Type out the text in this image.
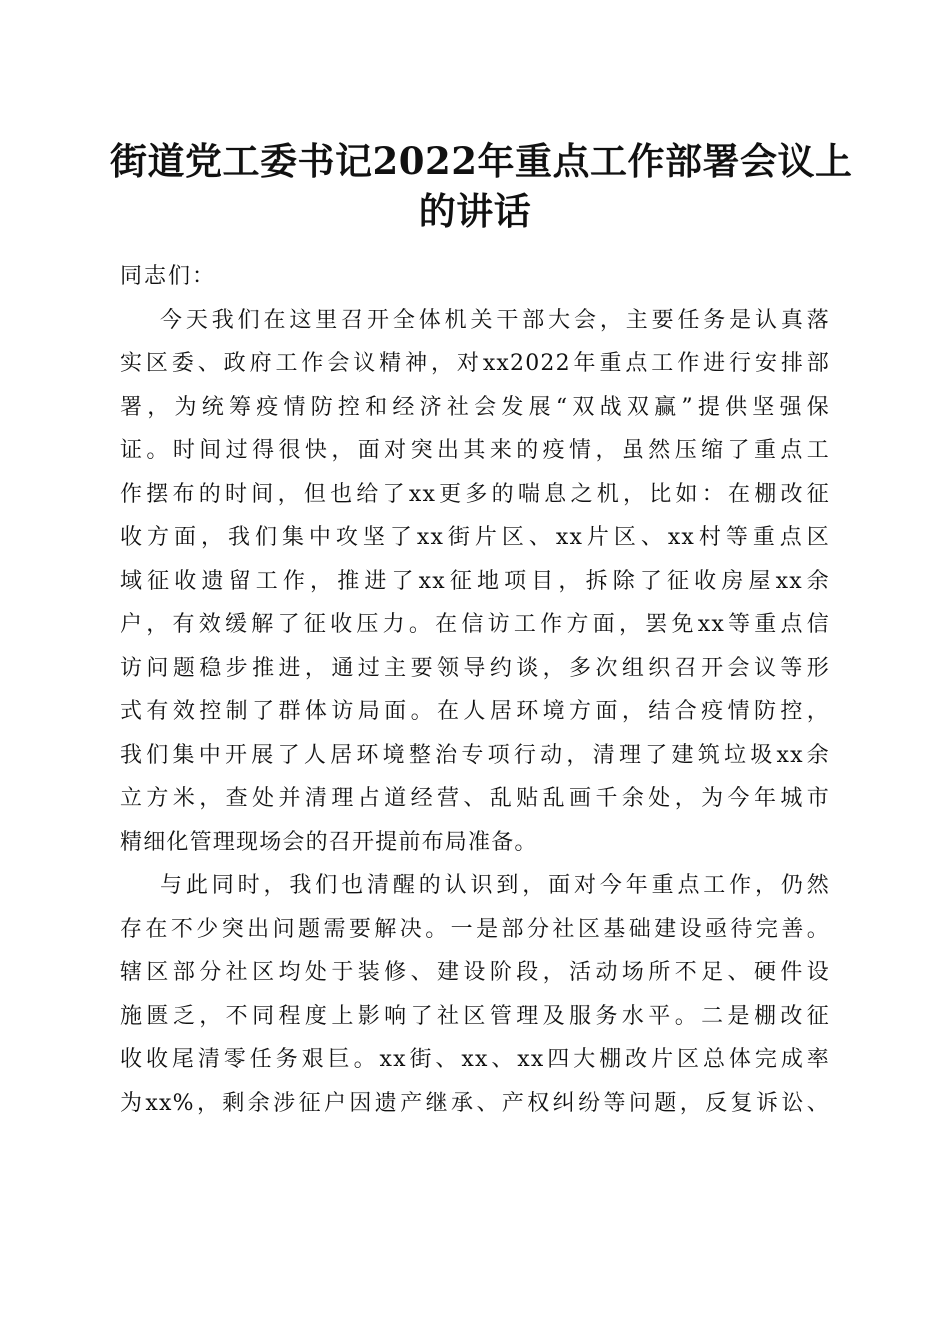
街道党工委书记2022年重点工作部署会议上
的讲话

同志们：

今天我们在这里召开全体机关干部大会，主要任务是认真落
实区委、政府工作会议精神，对xx2022年重点工作进行安排部
署，为统筹疫情防控和经济社会发展“双战双赢”提供坚强保
证。时间过得很快，面对突出其来的疫情，虽然压缩了重点工
作摆布的时间，但也给了xx更多的喘息之机，比如：在棚改征
收方面，我们集中攻坚了xx街片区、xx片区、xx村等重点区
域征收遗留工作，推进了xx征地项目，拆除了征收房屋xx余
户，有效缓解了征收压力。在信访工作方面，罢免xx等重点信
访问题稳步推进，通过主要领导约谈，多次组织召开会议等形
式有效控制了群体访局面。在人居环境方面，结合疫情防控，
我们集中开展了人居环境整治专项行动，清理了建筑垃圾xx余
立方米，查处并清理占道经营、乱贴乱画千余处，为今年城市
精细化管理现场会的召开提前布局准备。

与此同时，我们也清醒的认识到，面对今年重点工作，仍然
存在不少突出问题需要解决。一是部分社区基础建设亟待完善。
辖区部分社区均处于装修、建设阶段，活动场所不足、硬件设
施匮乏，不同程度上影响了社区管理及服务水平。二是棚改征
收收尾清零任务艰巨。xx街、xx、xx四大棚改片区总体完成率
为xx%，剩余涉征户因遗产继承、产权纠纷等问题，反复诉讼、
